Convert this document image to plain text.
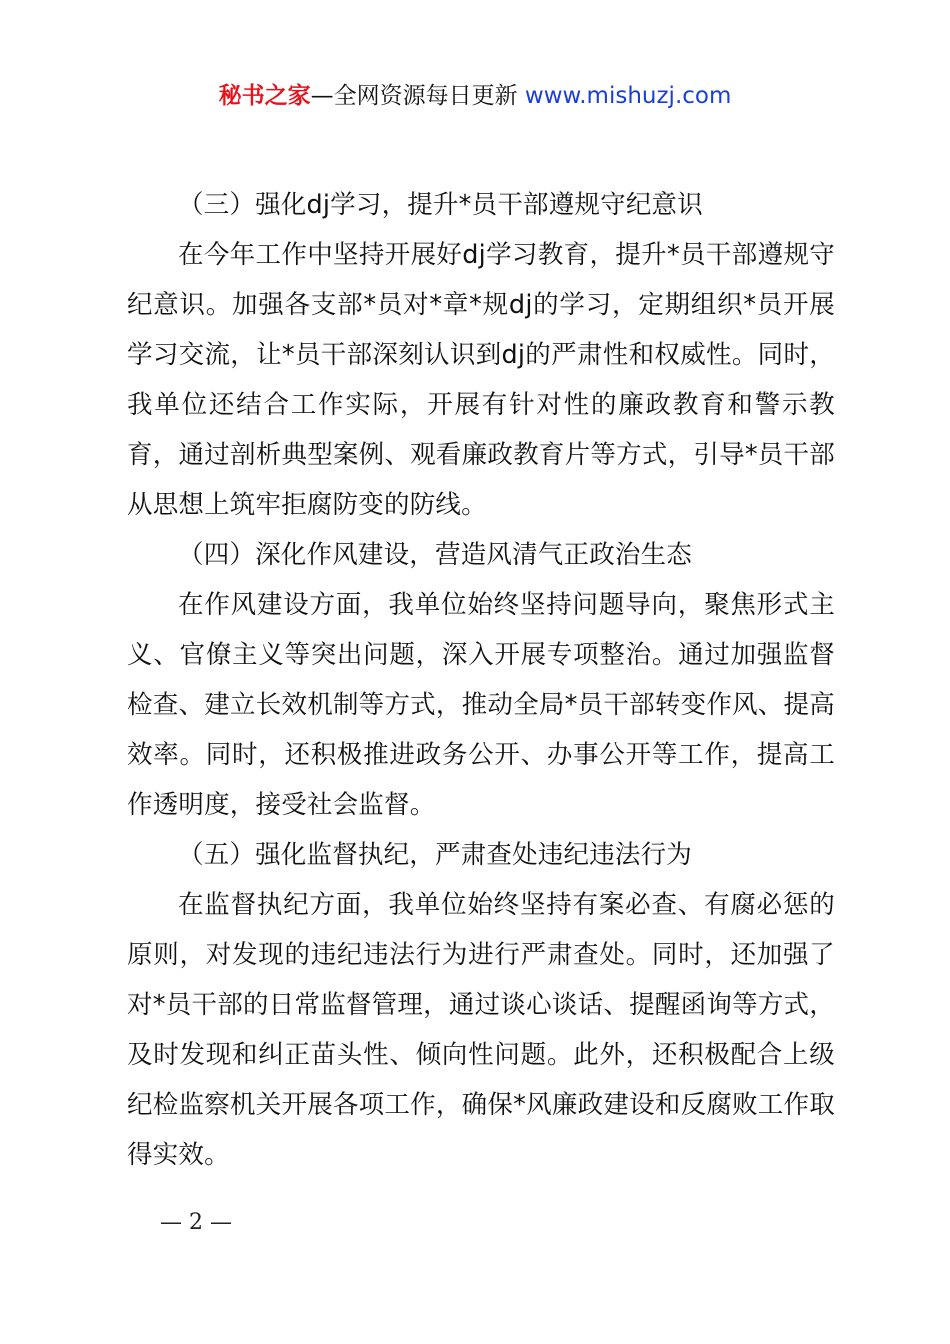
秘书之家—全网资源每日更新 www.mishuzj.com

（三）强化dj学习，提升*员干部遵规守纪意识

在今年工作中坚持开展好dj学习教育，提升*员干部遵规守纪意识。加强各支部*员对*章*规dj的学习，定期组织*员开展学习交流，让*员干部深刻认识到dj的严肃性和权威性。同时，我单位还结合工作实际，开展有针对性的廉政教育和警示教育，通过剖析典型案例、观看廉政教育片等方式，引导*员干部从思想上筑牢拒腐防变的防线。

（四）深化作风建设，营造风清气正政治生态

在作风建设方面，我单位始终坚持问题导向，聚焦形式主义、官僚主义等突出问题，深入开展专项整治。通过加强监督检查、建立长效机制等方式，推动全局*员干部转变作风、提高效率。同时，还积极推进政务公开、办事公开等工作，提高工作透明度，接受社会监督。

（五）强化监督执纪，严肃查处违纪违法行为

在监督执纪方面，我单位始终坚持有案必查、有腐必惩的原则，对发现的违纪违法行为进行严肃查处。同时，还加强了对*员干部的日常监督管理，通过谈心谈话、提醒函询等方式，及时发现和纠正苗头性、倾向性问题。此外，还积极配合上级纪检监察机关开展各项工作，确保*风廉政建设和反腐败工作取得实效。

— 2 —
